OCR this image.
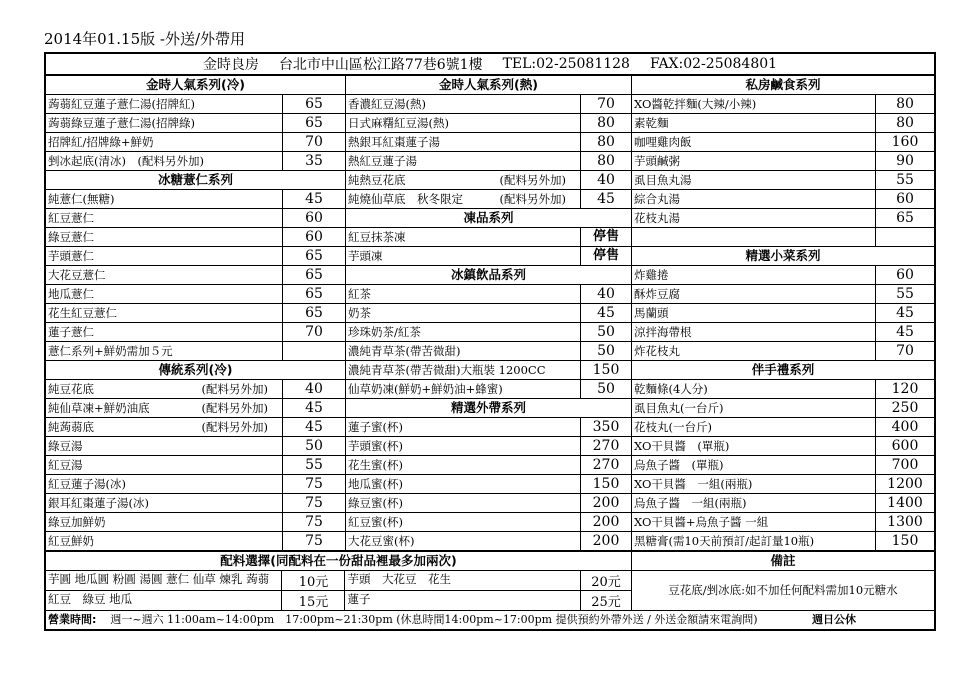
2014年01.15版 -外送/外帶用
金時良房 台北市中山區松江路77巷6號1樓 TEL:02-25081128 FAX:02-25084801
金時人氣系列(冷)
蒟蒻紅豆蓮子薏仁湯(招牌紅)	65
蒟蒻綠豆蓮子薏仁湯(招牌綠)	65
招牌紅/招牌綠+鮮奶	70
剉冰起底(清冰)　(配料另外加)	35
冰糖薏仁系列
純薏仁(無糖)	45
紅豆薏仁	60
綠豆薏仁	60
芋頭薏仁	65
大花豆薏仁	65
地瓜薏仁	65
花生紅豆薏仁	65
蓮子薏仁	70
薏仁系列+鮮奶需加５元
傳統系列(冷)
純豆花底	(配料另外加)	40
純仙草凍+鮮奶油底	(配料另外加)	45
純蒟蒻底	(配料另外加)	45
綠豆湯	50
紅豆湯	55
紅豆蓮子湯(冰)	75
銀耳紅棗蓮子湯(冰)	75
綠豆加鮮奶	75
紅豆鮮奶	75
金時人氣系列(熱)
香濃紅豆湯(熱)	70
日式麻糬紅豆湯(熱)	80
熱銀耳紅棗蓮子湯	80
熱紅豆蓮子湯	80
純熱豆花底	(配料另外加)	40
純燒仙草底　秋冬限定	(配料另外加)	45
凍品系列
紅豆抹茶凍	停售
芋頭凍	停售
冰鎮飲品系列
紅茶	40
奶茶	45
珍珠奶茶/紅茶	50
濃純青草茶(帶苦微甜)	50
濃純青草茶(帶苦微甜)大瓶裝 1200CC	150
仙草奶凍(鮮奶+鮮奶油+蜂蜜)	50
精選外帶系列
蓮子蜜(杯)	350
芋頭蜜(杯)	270
花生蜜(杯)	270
地瓜蜜(杯)	150
綠豆蜜(杯)	200
紅豆蜜(杯)	200
大花豆蜜(杯)	200
私房鹹食系列
XO醬乾拌麵(大辣/小辣)	80
素乾麵	80
咖哩雞肉飯	160
芋頭鹹粥	90
虱目魚丸湯	55
綜合丸湯	60
花枝丸湯	65
精選小菜系列
炸雞捲	60
酥炸豆腐	55
馬蘭頭	45
涼拌海帶根	45
炸花枝丸	70
伴手禮系列
乾麵條(4人分)	120
虱目魚丸(一台斤)	250
花枝丸(一台斤)	400
XO干貝醬　(單瓶)	600
烏魚子醬　(單瓶)	700
XO干貝醬　一組(兩瓶)	1200
烏魚子醬　一組(兩瓶)	1400
XO干貝醬+烏魚子醬 一組	1300
黑糖膏(需10天前預訂/起訂量10瓶)	150
配料選擇(同配料在一份甜品裡最多加兩次)
芋圓 地瓜圓 粉圓 湯圓 薏仁 仙草 煉乳 蒟蒻	10元	芋頭　大花豆　花生	20元
紅豆　綠豆 地瓜	15元	蓮子	25元
備註
豆花底/剉冰底:如不加任何配料需加10元糖水
營業時間: 週一~週六 11:00am~14:00pm　17:00pm~21:30pm (休息時間14:00pm~17:00pm 提供預約外帶外送 / 外送金額請來電詢問)	週日公休
